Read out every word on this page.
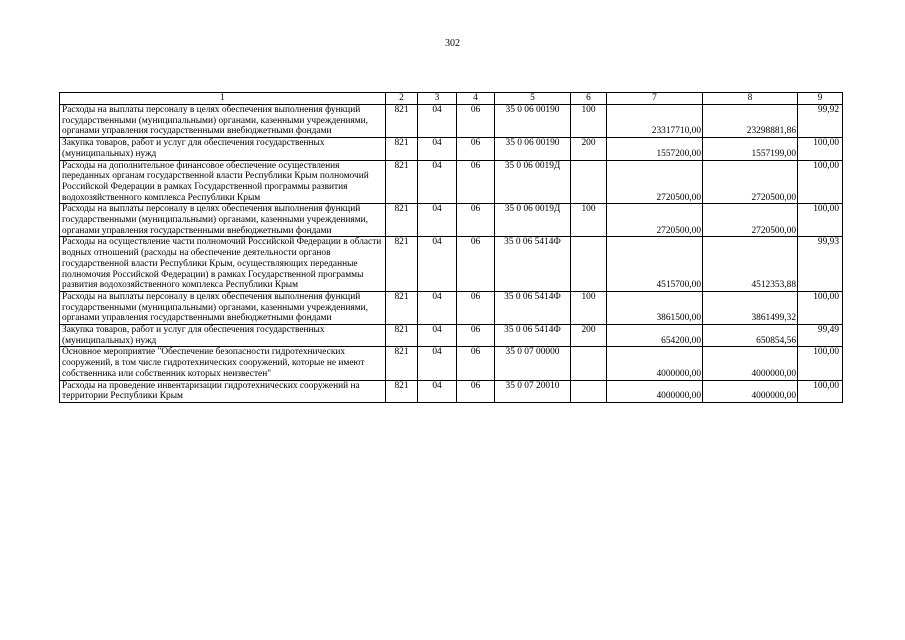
302
1	2	3	4	5	6	7	8	9
Расходы на выплаты персоналу в целях обеспечения выполнения функций государственными (муниципальными) органами, казенными учреждениями, органами управления государственными внебюджетными фондами	821	04	06	35 0 06 00190	100	23317710,00	23298881,86	99,92
Закупка товаров, работ и услуг для обеспечения государственных (муниципальных) нужд	821	04	06	35 0 06 00190	200	1557200,00	1557199,00	100,00
Расходы на дополнительное финансовое обеспечение осуществления переданных органам государственной власти Республики Крым полномочий Российской Федерации в рамках Государственной программы развития водохозяйственного комплекса Республики Крым	821	04	06	35 0 06 0019Д		2720500,00	2720500,00	100,00
Расходы на выплаты персоналу в целях обеспечения выполнения функций государственными (муниципальными) органами, казенными учреждениями, органами управления государственными внебюджетными фондами	821	04	06	35 0 06 0019Д	100	2720500,00	2720500,00	100,00
Расходы на осуществление части полномочий Российской Федерации в области водных отношений (расходы на обеспечение деятельности органов государственной власти Республики Крым, осуществляющих переданные полномочия Российской Федерации) в рамках Государственной программы развития водохозяйственного комплекса Республики Крым	821	04	06	35 0 06 5414Ф		4515700,00	4512353,88	99,93
Расходы на выплаты персоналу в целях обеспечения выполнения функций государственными (муниципальными) органами, казенными учреждениями, органами управления государственными внебюджетными фондами	821	04	06	35 0 06 5414Ф	100	3861500,00	3861499,32	100,00
Закупка товаров, работ и услуг для обеспечения государственных (муниципальных) нужд	821	04	06	35 0 06 5414Ф	200	654200,00	650854,56	99,49
Основное мероприятие "Обеспечение безопасности гидротехнических сооружений, в том числе гидротехнических сооружений, которые не имеют собственника или собственник которых неизвестен"	821	04	06	35 0 07 00000		4000000,00	4000000,00	100,00
Расходы на проведение инвентаризации гидротехнических сооружений на территории Республики Крым	821	04	06	35 0 07 20010		4000000,00	4000000,00	100,00
